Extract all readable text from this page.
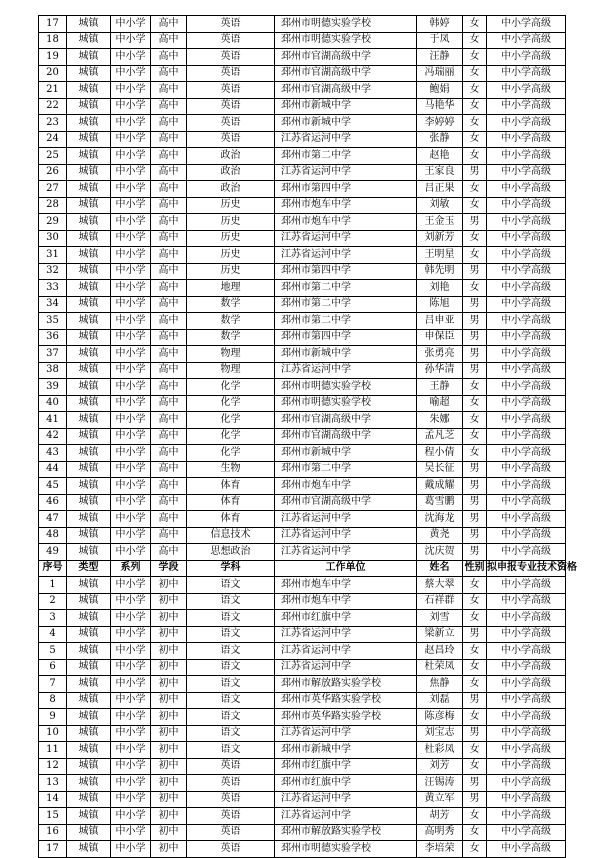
17	城镇	中小学	高中	英语	邳州市明德实验学校	韩婷	女	中小学高级
18	城镇	中小学	高中	英语	邳州市明德实验学校	于凤	女	中小学高级
19	城镇	中小学	高中	英语	邳州市官湖高级中学	汪静	女	中小学高级
20	城镇	中小学	高中	英语	邳州市官湖高级中学	冯瑞丽	女	中小学高级
21	城镇	中小学	高中	英语	邳州市官湖高级中学	鲍娟	女	中小学高级
22	城镇	中小学	高中	英语	邳州市新城中学	马艳华	女	中小学高级
23	城镇	中小学	高中	英语	邳州市新城中学	李婷婷	女	中小学高级
24	城镇	中小学	高中	英语	江苏省运河中学	张静	女	中小学高级
25	城镇	中小学	高中	政治	邳州市第二中学	赵艳	女	中小学高级
26	城镇	中小学	高中	政治	江苏省运河中学	王家良	男	中小学高级
27	城镇	中小学	高中	政治	邳州市第四中学	吕正果	女	中小学高级
28	城镇	中小学	高中	历史	邳州市炮车中学	刘敏	女	中小学高级
29	城镇	中小学	高中	历史	邳州市炮车中学	王金玉	男	中小学高级
30	城镇	中小学	高中	历史	江苏省运河中学	刘新芳	女	中小学高级
31	城镇	中小学	高中	历史	江苏省运河中学	王明星	女	中小学高级
32	城镇	中小学	高中	历史	邳州市第四中学	韩先明	男	中小学高级
33	城镇	中小学	高中	地理	邳州市第二中学	刘艳	女	中小学高级
34	城镇	中小学	高中	数学	邳州市第二中学	陈旭	男	中小学高级
35	城镇	中小学	高中	数学	邳州市第二中学	吕申亚	男	中小学高级
36	城镇	中小学	高中	数学	邳州市第四中学	申保臣	男	中小学高级
37	城镇	中小学	高中	物理	邳州市新城中学	张勇亮	男	中小学高级
38	城镇	中小学	高中	物理	江苏省运河中学	孙华清	男	中小学高级
39	城镇	中小学	高中	化学	邳州市明德实验学校	王静	女	中小学高级
40	城镇	中小学	高中	化学	邳州市明德实验学校	喻超	女	中小学高级
41	城镇	中小学	高中	化学	邳州市官湖高级中学	朱娜	女	中小学高级
42	城镇	中小学	高中	化学	邳州市官湖高级中学	孟凡芝	女	中小学高级
43	城镇	中小学	高中	化学	邳州市新城中学	程小倩	女	中小学高级
44	城镇	中小学	高中	生物	邳州市第二中学	吴长征	男	中小学高级
45	城镇	中小学	高中	体育	邳州市炮车中学	戴成耀	男	中小学高级
46	城镇	中小学	高中	体育	邳州市官湖高级中学	葛雪鹏	男	中小学高级
47	城镇	中小学	高中	体育	江苏省运河中学	沈海龙	男	中小学高级
48	城镇	中小学	高中	信息技术	江苏省运河中学	黄尧	男	中小学高级
49	城镇	中小学	高中	思想政治	江苏省运河中学	沈庆贺	男	中小学高级
序号	类型	系列	学段	学科	工作单位	姓名	性别	拟申报专业技术资格
1	城镇	中小学	初中	语文	邳州市炮车中学	蔡大翠	女	中小学高级
2	城镇	中小学	初中	语文	邳州市炮车中学	石祥群	女	中小学高级
3	城镇	中小学	初中	语文	邳州市红旗中学	刘雪	女	中小学高级
4	城镇	中小学	初中	语文	江苏省运河中学	梁新立	男	中小学高级
5	城镇	中小学	初中	语文	江苏省运河中学	赵昌玲	女	中小学高级
6	城镇	中小学	初中	语文	江苏省运河中学	杜荣凤	女	中小学高级
7	城镇	中小学	初中	语文	邳州市解放路实验学校	焦静	女	中小学高级
8	城镇	中小学	初中	语文	邳州市英华路实验学校	刘磊	男	中小学高级
9	城镇	中小学	初中	语文	邳州市英华路实验学校	陈彦梅	女	中小学高级
10	城镇	中小学	初中	语文	江苏省运河中学	刘宝志	男	中小学高级
11	城镇	中小学	初中	语文	邳州市新城中学	杜彩凤	女	中小学高级
12	城镇	中小学	初中	英语	邳州市红旗中学	刘芳	女	中小学高级
13	城镇	中小学	初中	英语	邳州市红旗中学	汪锡涛	男	中小学高级
14	城镇	中小学	初中	英语	江苏省运河中学	黄立军	男	中小学高级
15	城镇	中小学	初中	英语	江苏省运河中学	胡芳	女	中小学高级
16	城镇	中小学	初中	英语	邳州市解放路实验学校	高明秀	女	中小学高级
17	城镇	中小学	初中	英语	邳州市明德实验学校	李培荣	女	中小学高级
